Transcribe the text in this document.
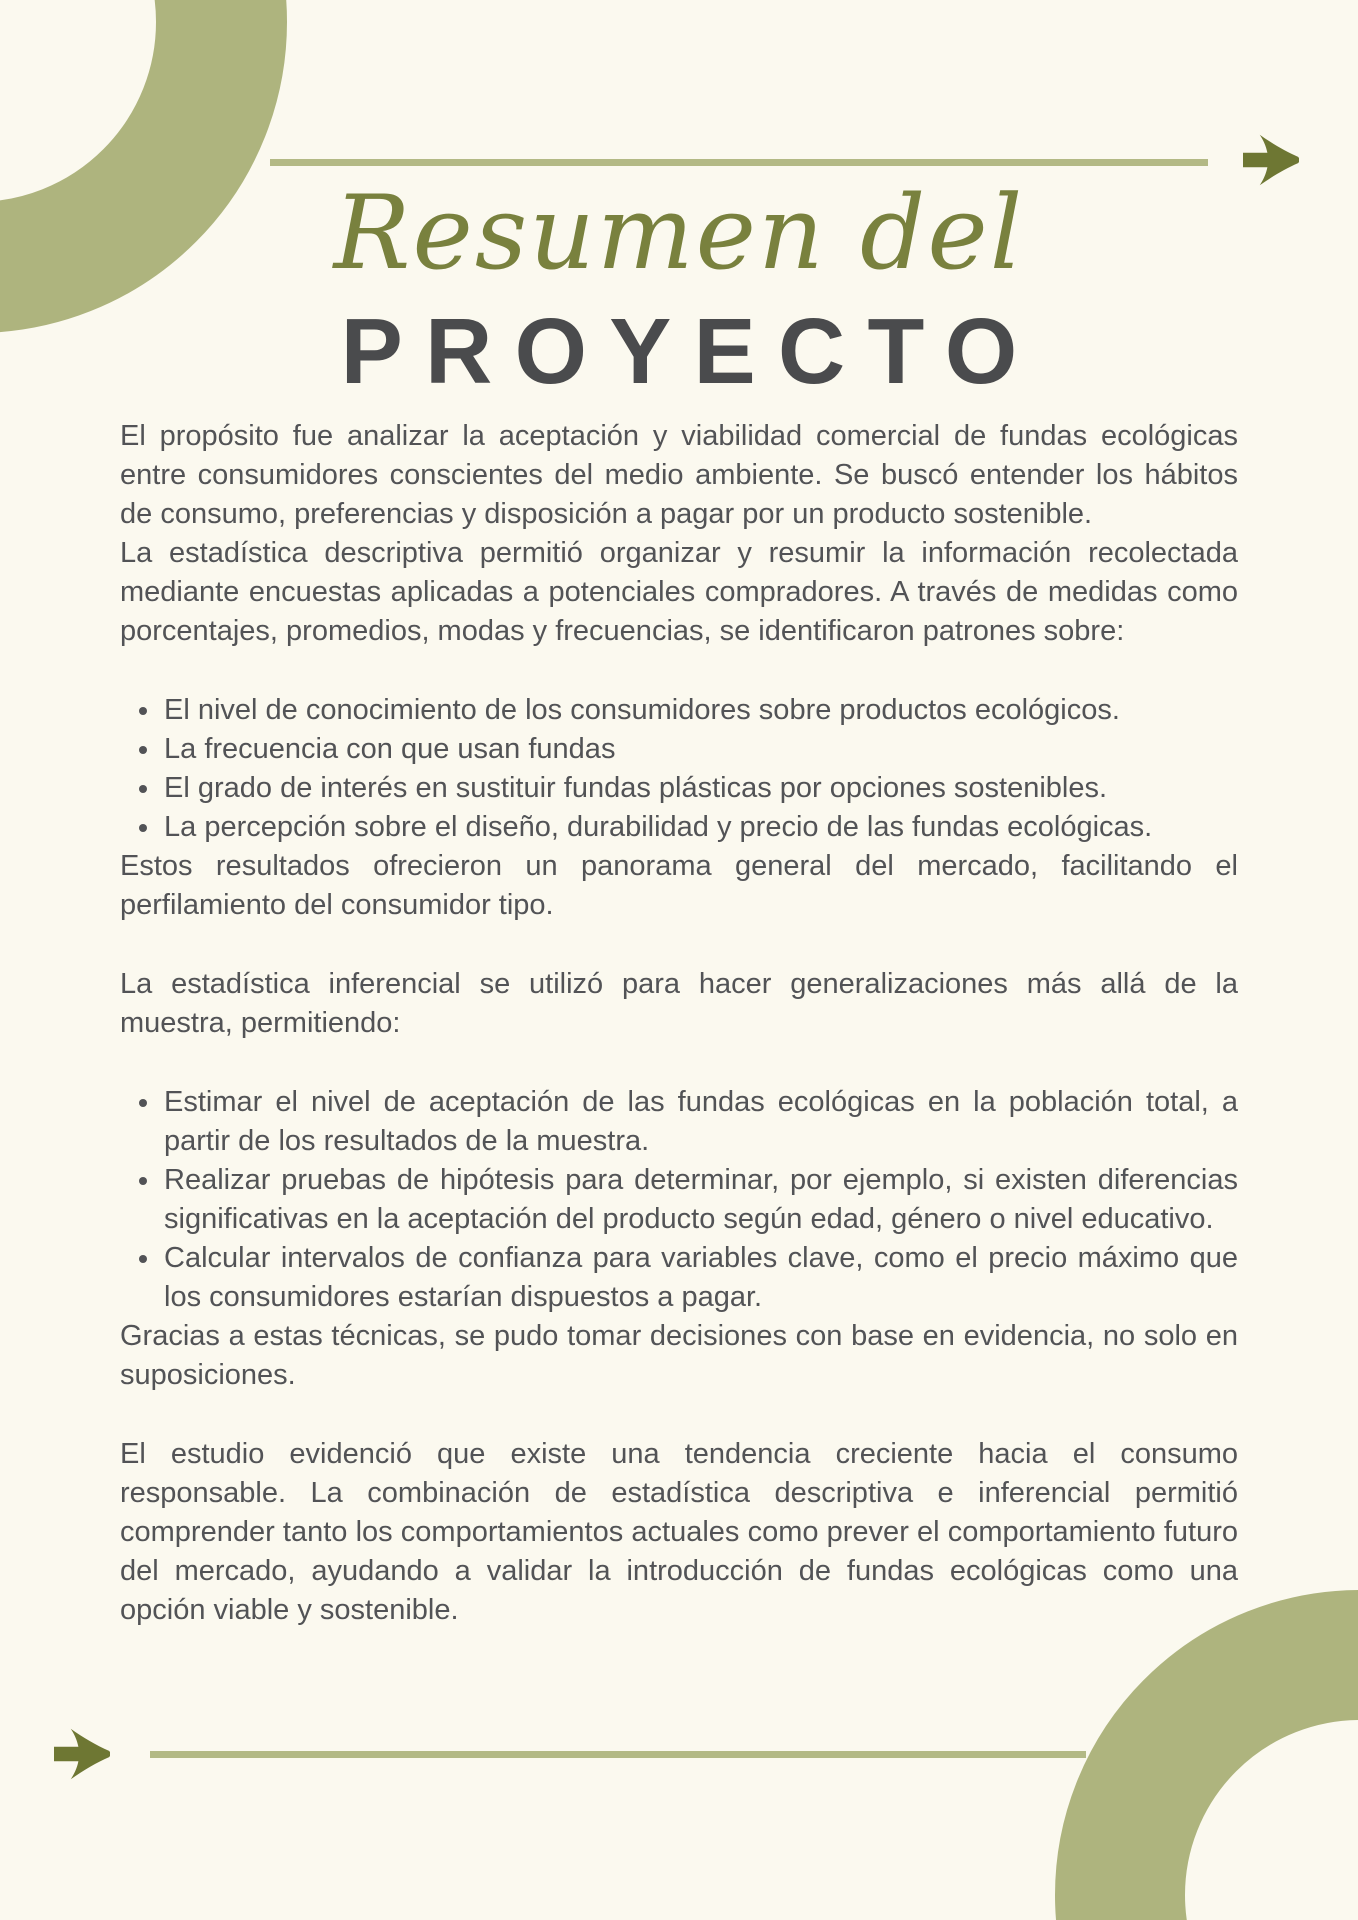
Resumen del
PROYECTO

El propósito fue analizar la aceptación y viabilidad comercial de fundas ecológicas entre consumidores conscientes del medio ambiente. Se buscó entender los hábitos de consumo, preferencias y disposición a pagar por un producto sostenible.

La estadística descriptiva permitió organizar y resumir la información recolectada mediante encuestas aplicadas a potenciales compradores. A través de medidas como porcentajes, promedios, modas y frecuencias, se identificaron patrones sobre:

• El nivel de conocimiento de los consumidores sobre productos ecológicos.
• La frecuencia con que usan fundas
• El grado de interés en sustituir fundas plásticas por opciones sostenibles.
• La percepción sobre el diseño, durabilidad y precio de las fundas ecológicas.

Estos resultados ofrecieron un panorama general del mercado, facilitando el perfilamiento del consumidor tipo.

La estadística inferencial se utilizó para hacer generalizaciones más allá de la muestra, permitiendo:

• Estimar el nivel de aceptación de las fundas ecológicas en la población total, a partir de los resultados de la muestra.
• Realizar pruebas de hipótesis para determinar, por ejemplo, si existen diferencias significativas en la aceptación del producto según edad, género o nivel educativo.
• Calcular intervalos de confianza para variables clave, como el precio máximo que los consumidores estarían dispuestos a pagar.

Gracias a estas técnicas, se pudo tomar decisiones con base en evidencia, no solo en suposiciones.

El estudio evidenció que existe una tendencia creciente hacia el consumo responsable. La combinación de estadística descriptiva e inferencial permitió comprender tanto los comportamientos actuales como prever el comportamiento futuro del mercado, ayudando a validar la introducción de fundas ecológicas como una opción viable y sostenible.
